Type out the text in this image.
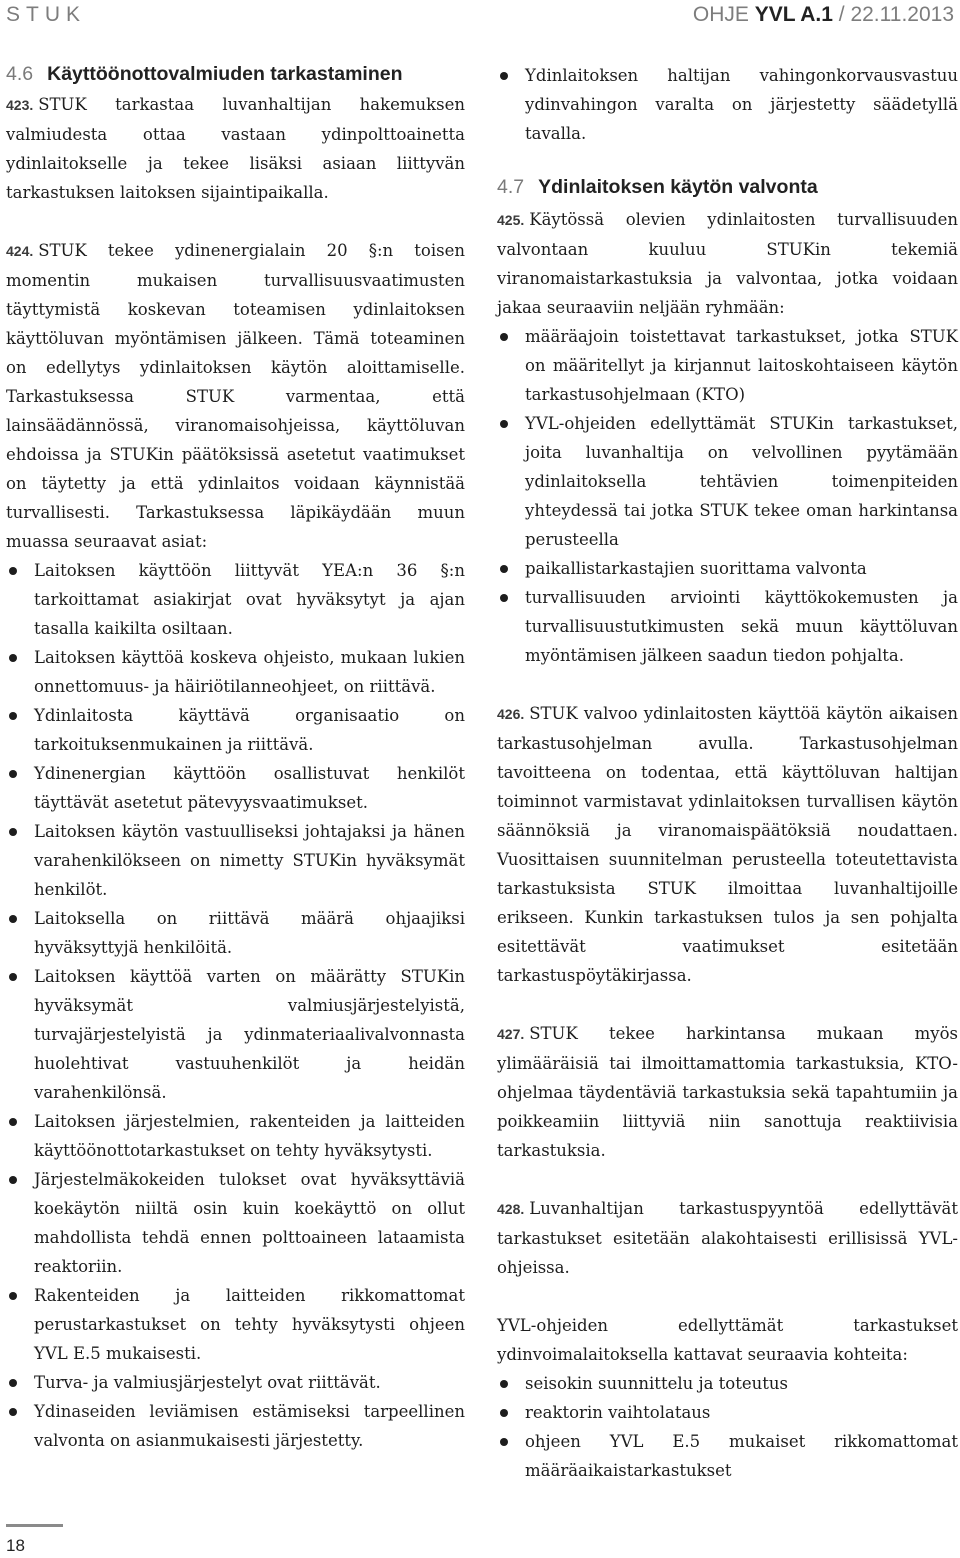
STUK	OHJE YVL A.1 / 22.11.2013
4.6 Käyttöönottovalmiuden tarkastaminen

423. STUK tarkastaa luvanhaltijan hakemuksen valmiudesta ottaa vastaan ydinpolttoainetta ydinlaitokselle ja tekee lisäksi asiaan liittyvän tarkastuksen laitoksen sijaintipaikalla.

424. STUK tekee ydinenergialain 20 §:n toisen momentin mukaisen turvallisuusvaatimusten täyttymistä koskevan toteamisen ydinlaitoksen käyttöluvan myöntämisen jälkeen. Tämä toteaminen on edellytys ydinlaitoksen käytön aloittamiselle. Tarkastuksessa STUK varmentaa, että lainsäädännössä, viranomaisohjeissa, käyttöluvan ehdoissa ja STUKin päätöksissä asetetut vaatimukset on täytetty ja että ydinlaitos voidaan käynnistää turvallisesti. Tarkastuksessa läpikäydään muun muassa seuraavat asiat:

Laitoksen käyttöön liittyvät YEA:n 36 §:n tarkoittamat asiakirjat ovat hyväksytyt ja ajan tasalla kaikilta osiltaan.
Laitoksen käyttöä koskeva ohjeisto, mukaan lukien onnettomuus- ja häiriötilanneohjeet, on riittävä.
Ydinlaitosta käyttävä organisaatio on tarkoituksenmukainen ja riittävä.
Ydinenergian käyttöön osallistuvat henkilöt täyttävät asetetut pätevyysvaatimukset.
Laitoksen käytön vastuulliseksi johtajaksi ja hänen varahenkilökseen on nimetty STUKin hyväksymät henkilöt.
Laitoksella on riittävä määrä ohjaajiksi hyväksyttyjä henkilöitä.
Laitoksen käyttöä varten on määrätty STUKin hyväksymät valmiusjärjestelyistä, turvajärjestelyistä ja ydinmateriaalivalvonnasta huolehtivat vastuuhenkilöt ja heidän varahenkilönsä.
Laitoksen järjestelmien, rakenteiden ja laitteiden käyttöönottotarkastukset on tehty hyväksytysti.
Järjestelmäkokeiden tulokset ovat hyväksyttäviä koekäytön niiltä osin kuin koekäyttö on ollut mahdollista tehdä ennen polttoaineen lataamista reaktoriin.
Rakenteiden ja laitteiden rikkomattomat perustarkastukset on tehty hyväksytysti ohjeen YVL E.5 mukaisesti.
Turva- ja valmiusjärjestelyt ovat riittävät.
Ydinaseiden leviämisen estämiseksi tarpeellinen valvonta on asianmukaisesti järjestetty.
Ydinlaitoksen haltijan vahingonkorvausvastuu ydinvahingon varalta on järjestetty säädetyllä tavalla.
4.7 Ydinlaitoksen käytön valvonta

425. Käytössä olevien ydinlaitosten turvallisuuden valvontaan kuuluu STUKin tekemiä viranomaistarkastuksia ja valvontaa, jotka voidaan jakaa seuraaviin neljään ryhmään:

määräajoin toistettavat tarkastukset, jotka STUK on määritellyt ja kirjannut laitoskohtaiseen käytön tarkastusohjelmaan (KTO)
YVL-ohjeiden edellyttämät STUKin tarkastukset, joita luvanhaltija on velvollinen pyytämään ydinlaitoksella tehtävien toimenpiteiden yhteydessä tai jotka STUK tekee oman harkintansa perusteella
paikallistarkastajien suorittama valvonta
turvallisuuden arviointi käyttökokemusten ja turvallisuustutkimusten sekä muun käyttöluvan myöntämisen jälkeen saadun tiedon pohjalta.

426. STUK valvoo ydinlaitosten käyttöä käytön aikaisen tarkastusohjelman avulla. Tarkastusohjelman tavoitteena on todentaa, että käyttöluvan haltijan toiminnot varmistavat ydinlaitoksen turvallisen käytön säännöksiä ja viranomaispäätöksiä noudattaen. Vuosittaisen suunnitelman perusteella toteutettavista tarkastuksista STUK ilmoittaa luvanhaltijoille erikseen. Kunkin tarkastuksen tulos ja sen pohjalta esitettävät vaatimukset esitetään tarkastuspöytäkirjassa.

427. STUK tekee harkintansa mukaan myös ylimääräisiä tai ilmoittamattomia tarkastuksia, KTO-ohjelmaa täydentäviä tarkastuksia sekä tapahtumiin ja poikkeamiin liittyviä niin sanottuja reaktiivisia tarkastuksia.

428. Luvanhaltijan tarkastuspyyntöä edellyttävät tarkastukset esitetään alakohtaisesti erillisissä YVL-ohjeissa.

YVL-ohjeiden edellyttämät tarkastukset ydinvoimalaitoksella kattavat seuraavia kohteita:

seisokin suunnittelu ja toteutus
reaktorin vaihtolataus
ohjeen YVL E.5 mukaiset rikkomattomat määräaikaistarkastukset
18
